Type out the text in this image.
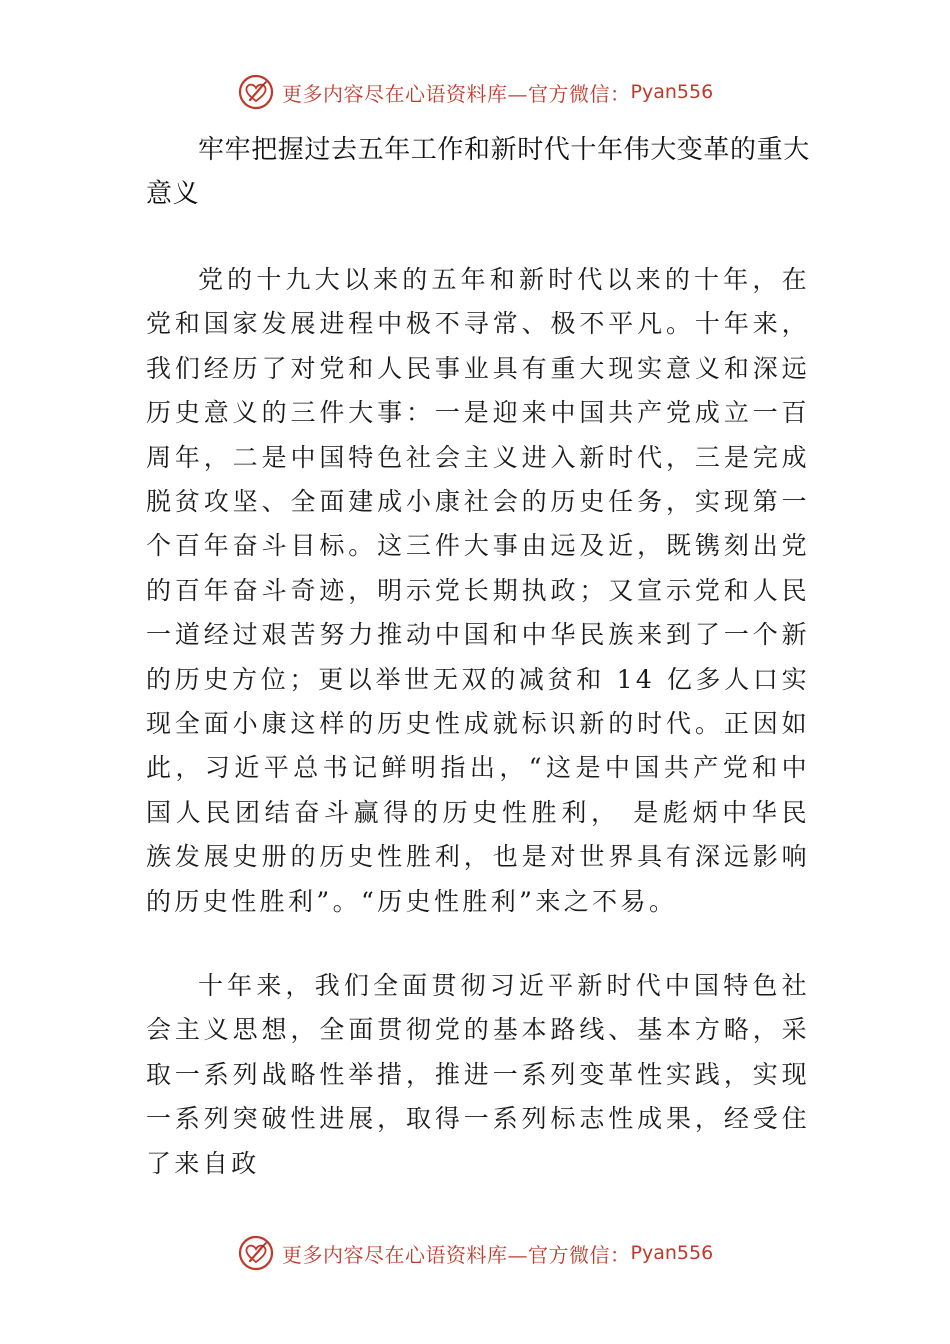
更多内容尽在心语资料库—官方微信： Pyan556
牢牢把握过去五年工作和新时代十年伟大变革的重大意义

党的十九大以来的五年和新时代以来的十年，在党和国家发展进程中极不寻常、极不平凡。十年来，我们经历了对党和人民事业具有重大现实意义和深远历史意义的三件大事：一是迎来中国共产党成立一百周年，二是中国特色社会主义进入新时代，三是完成脱贫攻坚、全面建成小康社会的历史任务，实现第一个百年奋斗目标。这三件大事由远及近，既镌刻出党的百年奋斗奇迹，明示党长期执政；又宣示党和人民一道经过艰苦努力推动中国和中华民族来到了一个新的历史方位；更以举世无双的减贫和 14 亿多人口实现全面小康这样的历史性成就标识新的时代。正因如此，习近平总书记鲜明指出，“这是中国共产党和中国人民团结奋斗赢得的历史性胜利， 是彪炳中华民族发展史册的历史性胜利，也是对世界具有深远影响的历史性胜利”。“历史性胜利”来之不易。

十年来，我们全面贯彻习近平新时代中国特色社会主义思想，全面贯彻党的基本路线、基本方略，采取一系列战略性举措，推进一系列变革性实践，实现一系列突破性进展，取得一系列标志性成果，经受住了来自政

更多内容尽在心语资料库—官方微信： Pyan556
